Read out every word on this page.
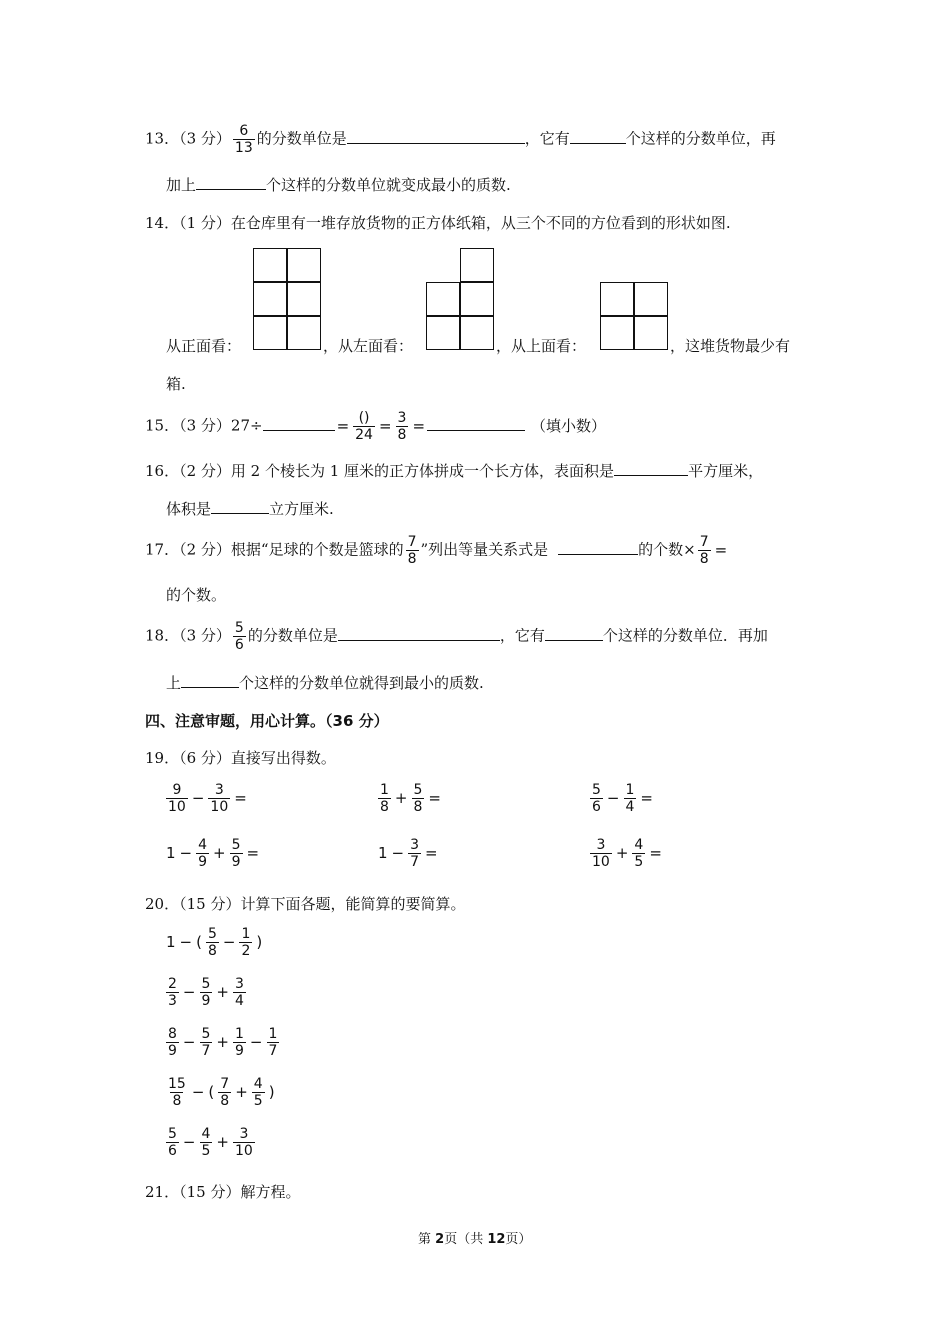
13．（3 分） $\frac{6}{13}$ 的分数单位是	，它有	个这样的分数单位，再
加上	个这样的分数单位就变成最小的质数.
14．（1 分）在仓库里有一堆存放货物的正方体纸箱，从三个不同的方位看到的形状如图.
从正面看：	，从左面看：	，从上面看：	，这堆货物最少有
箱.
15．（3 分）27÷	= $\frac{()}{24} = \frac{3}{8}$ =	（填小数）
16．（2 分）用 2 个棱长为 1 厘米的正方体拼成一个长方体，表面积是	平方厘米，
体积是	立方厘米.
17．（2 分）根据“足球的个数是篮球的 $\frac{7}{8}$ ”列出等量关系式是	的个数× $\frac{7}{8}$ =
的个数。
18．（3 分） $\frac{5}{6}$ 的分数单位是	，它有	个这样的分数单位．再加
上	个这样的分数单位就得到最小的质数.
四、注意审题，用心计算。（36 分）
19．（6 分）直接写出得数。
$\frac{9}{10} - \frac{3}{10}$ =	$\frac{1}{8} + \frac{5}{8}$ =	$\frac{5}{6} - \frac{1}{4}$ =
$1 - \frac{4}{9} + \frac{5}{9}$ =	$1 - \frac{3}{7}$ =	$\frac{3}{10} + \frac{4}{5}$ =
20．（15 分）计算下面各题，能简算的要简算。
1 − ( $\frac{5}{8} - \frac{1}{2}$ )
$\frac{2}{3} - \frac{5}{9} + \frac{3}{4}$
$\frac{8}{9} - \frac{5}{7} + \frac{1}{9} - \frac{1}{7}$
$\frac{15}{8}$ − ( $\frac{7}{8} + \frac{4}{5}$ )
$\frac{5}{6} - \frac{4}{5} + \frac{3}{10}$
21．（15 分）解方程。
第 2页（共 12页）
